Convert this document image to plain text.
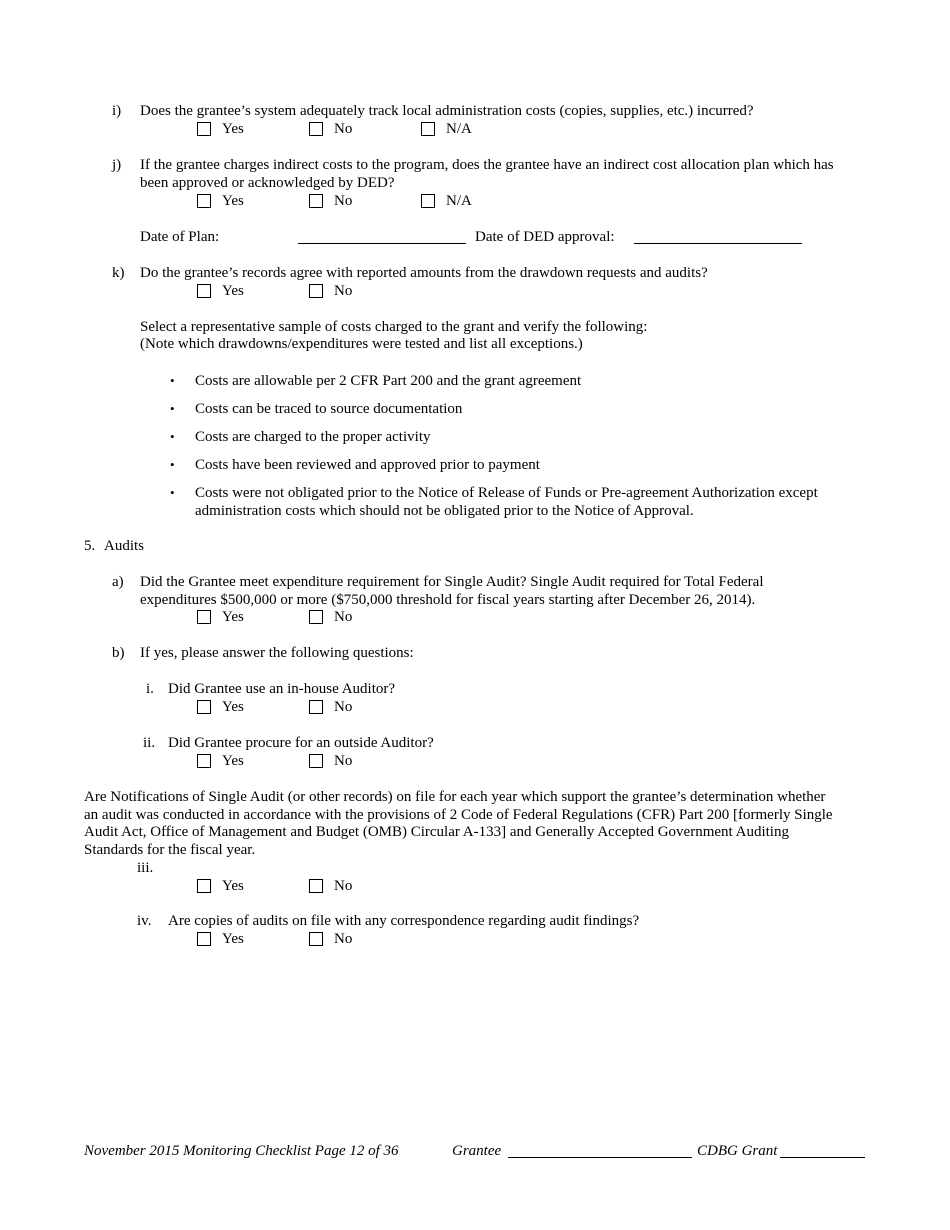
i) Does the grantee’s system adequately track local administration costs (copies, supplies, etc.) incurred?
Yes	No	N/A
j) If the grantee charges indirect costs to the program, does the grantee have an indirect cost allocation plan which has
been approved or acknowledged by DED?
Yes	No	N/A
Date of Plan:	Date of DED approval:
k) Do the grantee’s records agree with reported amounts from the drawdown requests and audits?
Yes	No
Select a representative sample of costs charged to the grant and verify the following:
(Note which drawdowns/expenditures were tested and list all exceptions.)
• Costs are allowable per 2 CFR Part 200 and the grant agreement
• Costs can be traced to source documentation
• Costs are charged to the proper activity
• Costs have been reviewed and approved prior to payment
• Costs were not obligated prior to the Notice of Release of Funds or Pre-agreement Authorization except
administration costs which should not be obligated prior to the Notice of Approval.
5. Audits
a) Did the Grantee meet expenditure requirement for Single Audit? Single Audit required for Total Federal
expenditures $500,000 or more ($750,000 threshold for fiscal years starting after December 26, 2014).
Yes	No
b) If yes, please answer the following questions:
i. Did Grantee use an in-house Auditor?
Yes	No
ii. Did Grantee procure for an outside Auditor?
Yes	No
Are Notifications of Single Audit (or other records) on file for each year which support the grantee’s determination whether
an audit was conducted in accordance with the provisions of 2 Code of Federal Regulations (CFR) Part 200 [formerly Single
Audit Act, Office of Management and Budget (OMB) Circular A-133] and Generally Accepted Government Auditing
Standards for the fiscal year.
iii.
Yes	No
iv. Are copies of audits on file with any correspondence regarding audit findings?
Yes	No
November 2015 Monitoring Checklist Page 12 of 36	Grantee	CDBG Grant
